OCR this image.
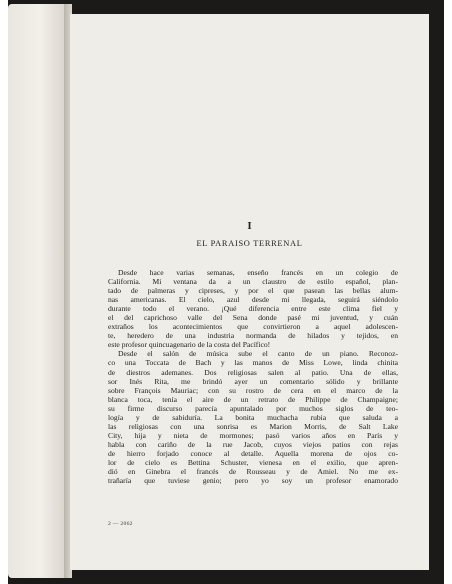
I
EL PARAISO TERRENAL
Desde hace varias semanas, enseño francés en un colegio de
California. Mi ventana da a un claustro de estilo español, plan-
tado de palmeras y cipreses, y por el que pasean las bellas alum-
nas americanas. El cielo, azul desde mi llegada, seguirá siéndolo
durante todo el verano. ¡Qué diferencia entre este clima fiel y
el del caprichoso valle del Sena donde pasé mi juventud, y cuán
extraños los acontecimientos que convirtieron a aquel adolescen-
te, heredero de una industria normanda de hilados y tejidos, en
este profesor quincuagenario de la costa del Pacífico!
Desde el salón de música sube el canto de un piano. Reconoz-
co una Toccata de Bach y las manos de Miss Lowe, linda chinita
de diestros ademanes. Dos religiosas salen al patio. Una de ellas,
sor Inés Rita, me brindó ayer un comentario sólido y brillante
sobre François Mauriac; con su rostro de cera en el marco de la
blanca toca, tenía el aire de un retrato de Philippe de Champaigne;
su firme discurso parecía apuntalado por muchos siglos de teo-
logía y de sabiduría. La bonita muchacha rubia que saluda a
las religiosas con una sonrisa es Marion Morris, de Salt Lake
City, hija y nieta de mormones; pasó varios años en París y
habla con cariño de la rue Jacob, cuyos viejos patios con rejas
de hierro forjado conoce al detalle. Aquella morena de ojos co-
lor de cielo es Bettina Schuster, vienesa en el exilio, que apren-
dió en Ginebra el francés de Rousseau y de Amiel. No me ex-
trañaría que tuviese genio; pero yo soy un profesor enamorado
2 — 2062
